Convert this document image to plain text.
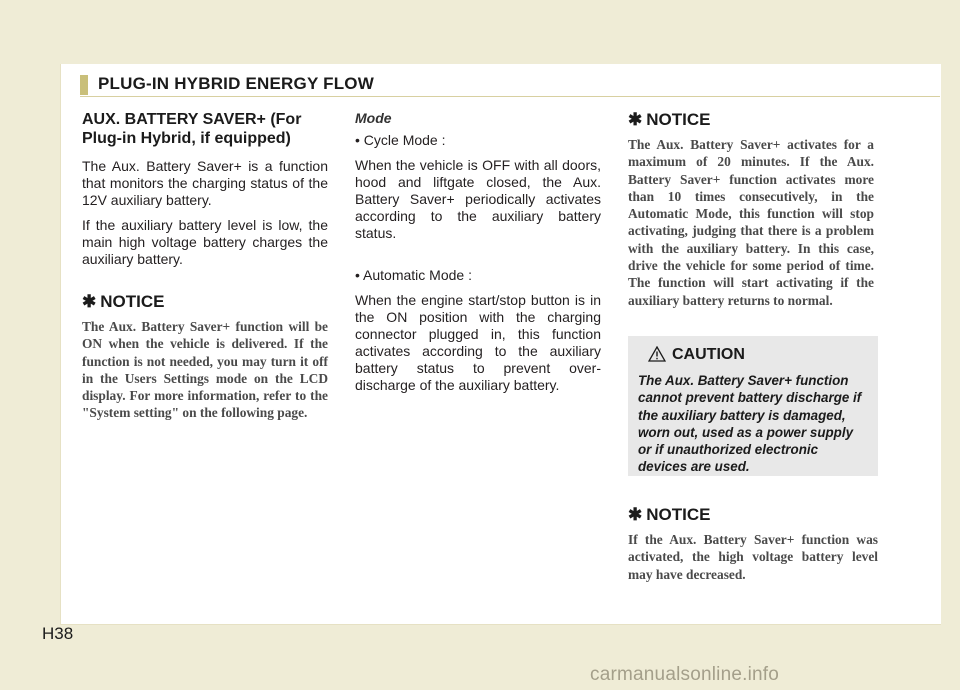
PLUG-IN HYBRID ENERGY FLOW
AUX. BATTERY SAVER+ (For Plug-in Hybrid, if equipped)

The Aux. Battery Saver+ is a function that monitors the charging status of the 12V auxiliary battery.

If the auxiliary battery level is low, the main high voltage battery charges the auxiliary battery.

✱ NOTICE

The Aux. Battery Saver+ function will be ON when the vehicle is delivered. If the function is not needed, you may turn it off in the Users Settings mode on the LCD display. For more information, refer to the "System setting" on the following page.

Mode

• Cycle Mode :

When the vehicle is OFF with all doors, hood and liftgate closed, the Aux. Battery Saver+ periodically activates according to the auxiliary battery status.

• Automatic Mode :

When the engine start/stop button is in the ON position with the charging connector plugged in, this function activates according to the auxiliary battery status to prevent over-discharge of the auxiliary battery.

✱ NOTICE

The Aux. Battery Saver+ activates for a maximum of 20 minutes. If the Aux. Battery Saver+ function activates more than 10 times consecutively, in the Automatic Mode, this function will stop activating, judging that there is a problem with the auxiliary battery. In this case, drive the vehicle for some period of time. The function will start activating if the auxiliary battery returns to normal.

CAUTION
The Aux. Battery Saver+ function cannot prevent battery discharge if the auxiliary battery is damaged, worn out, used as a power supply or if unauthorized electronic devices are used.
✱ NOTICE

If the Aux. Battery Saver+ function was activated, the high voltage battery level may have decreased.

H38
carmanualsonline.info
